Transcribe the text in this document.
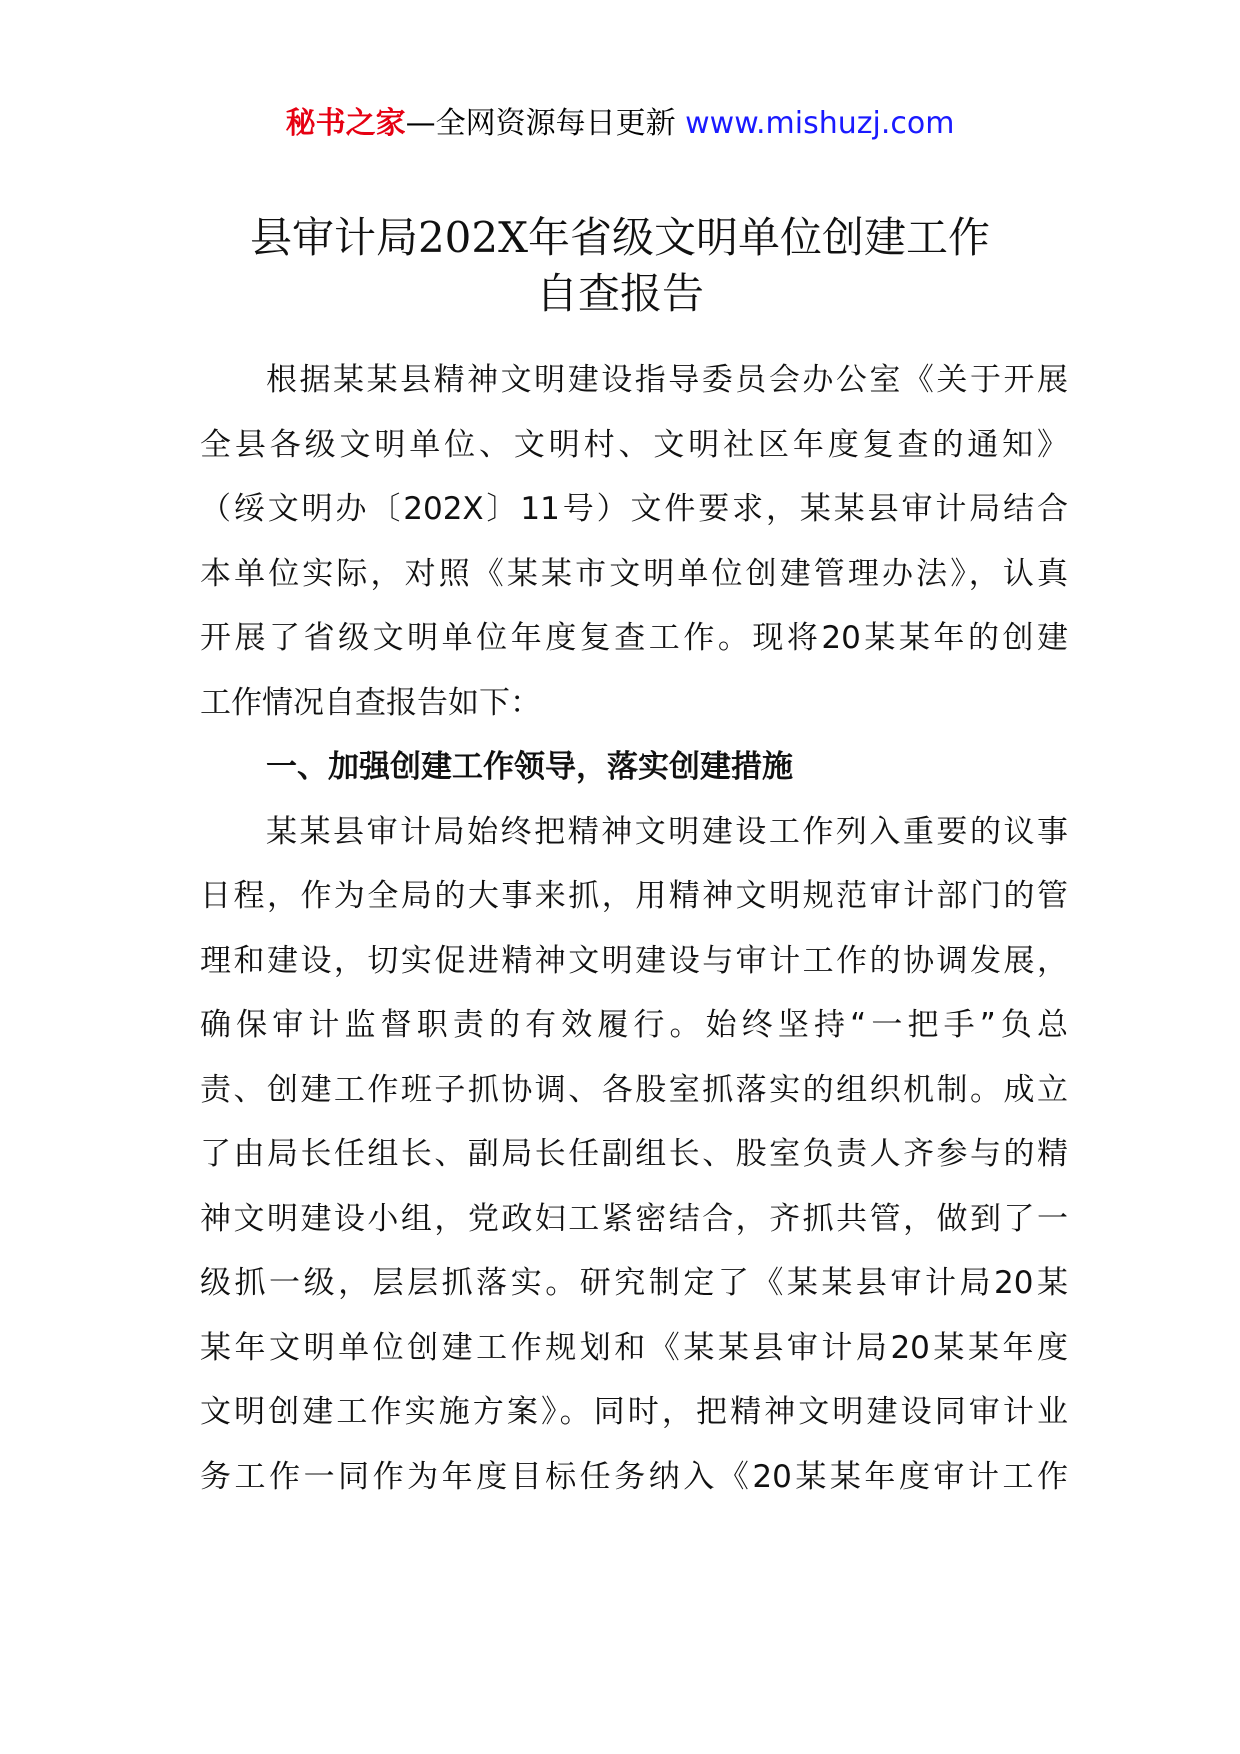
秘书之家—全网资源每日更新 www.mishuzj.com
县审计局202X年省级文明单位创建工作
自查报告
根据某某县精神文明建设指导委员会办公室《关于开展
全县各级文明单位、文明村、文明社区年度复查的通知》
（绥文明办〔202X〕11号）文件要求，某某县审计局结合
本单位实际，对照《某某市文明单位创建管理办法》，认真
开展了省级文明单位年度复查工作。现将20某某年的创建
工作情况自查报告如下：
一、加强创建工作领导，落实创建措施
某某县审计局始终把精神文明建设工作列入重要的议事
日程，作为全局的大事来抓，用精神文明规范审计部门的管
理和建设，切实促进精神文明建设与审计工作的协调发展，
确保审计监督职责的有效履行。始终坚持“一把手”负总
责、创建工作班子抓协调、各股室抓落实的组织机制。成立
了由局长任组长、副局长任副组长、股室负责人齐参与的精
神文明建设小组，党政妇工紧密结合，齐抓共管，做到了一
级抓一级，层层抓落实。研究制定了《某某县审计局20某
某年文明单位创建工作规划和《某某县审计局20某某年度
文明创建工作实施方案》。同时，把精神文明建设同审计业
务工作一同作为年度目标任务纳入《20某某年度审计工作
